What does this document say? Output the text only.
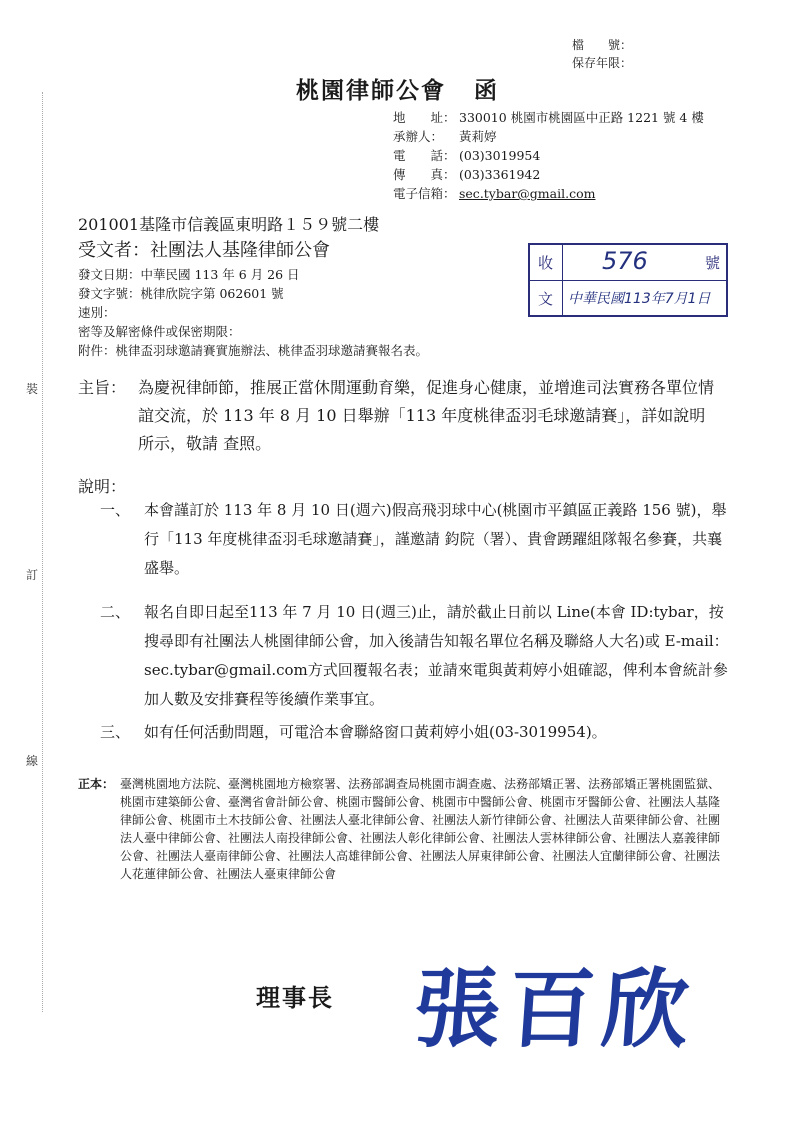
檔　　號：
保存年限：
桃園律師公會 函
地　　址： 330010 桃園市桃園區中正路 1221 號 4 樓
承辦人：	黃莉婷
電　　話： (03)3019954
傳　　真： (03)3361942
電子信箱： sec.tybar@gmail.com
201001基隆市信義區東明路１５９號二樓
受文者：社團法人基隆律師公會
發文日期：中華民國 113 年 6 月 26 日
發文字號：桃律欣院字第 062601 號
速別：
密等及解密條件或保密期限：
附件：桃律盃羽球邀請賽實施辦法、桃律盃羽球邀請賽報名表。
收 576	號
文 中華民國113年7月1日
裝
訂
線
主旨： 為慶祝律師節，推展正當休閒運動育樂，促進身心健康，並增進司法實務各單位情誼交流，於 113 年 8 月 10 日舉辦「113 年度桃律盃羽毛球邀請賽」，詳如說明所示，敬請 查照。
說明：
一、 本會謹訂於 113 年 8 月 10 日(週六)假高飛羽球中心(桃園市平鎮區正義路 156 號)，舉行「113 年度桃律盃羽毛球邀請賽」，謹邀請 鈞院（署）、貴會踴躍組隊報名參賽，共襄盛舉。
二、 報名自即日起至113 年 7 月 10 日(週三)止，請於截止日前以 Line(本會 ID:tybar，按搜尋即有社團法人桃園律師公會，加入後請告知報名單位名稱及聯絡人大名)或 E-mail：sec.tybar@gmail.com方式回覆報名表；並請來電與黃莉婷小姐確認，俾利本會統計參加人數及安排賽程等後續作業事宜。
三、 如有任何活動問題，可電洽本會聯絡窗口黃莉婷小姐(03-3019954)。
正本： 臺灣桃園地方法院、臺灣桃園地方檢察署、法務部調查局桃園市調查處、法務部矯正署、法務部矯正署桃園監獄、桃園市建築師公會、臺灣省會計師公會、桃園市醫師公會、桃園市中醫師公會、桃園市牙醫師公會、社團法人基隆律師公會、桃園市土木技師公會、社團法人臺北律師公會、社團法人新竹律師公會、社團法人苗栗律師公會、社團法人臺中律師公會、社團法人南投律師公會、社團法人彰化律師公會、社團法人雲林律師公會、社團法人嘉義律師公會、社團法人臺南律師公會、社團法人高雄律師公會、社團法人屏東律師公會、社團法人宜蘭律師公會、社團法人花蓮律師公會、社團法人臺東律師公會
理事長 張百欣
